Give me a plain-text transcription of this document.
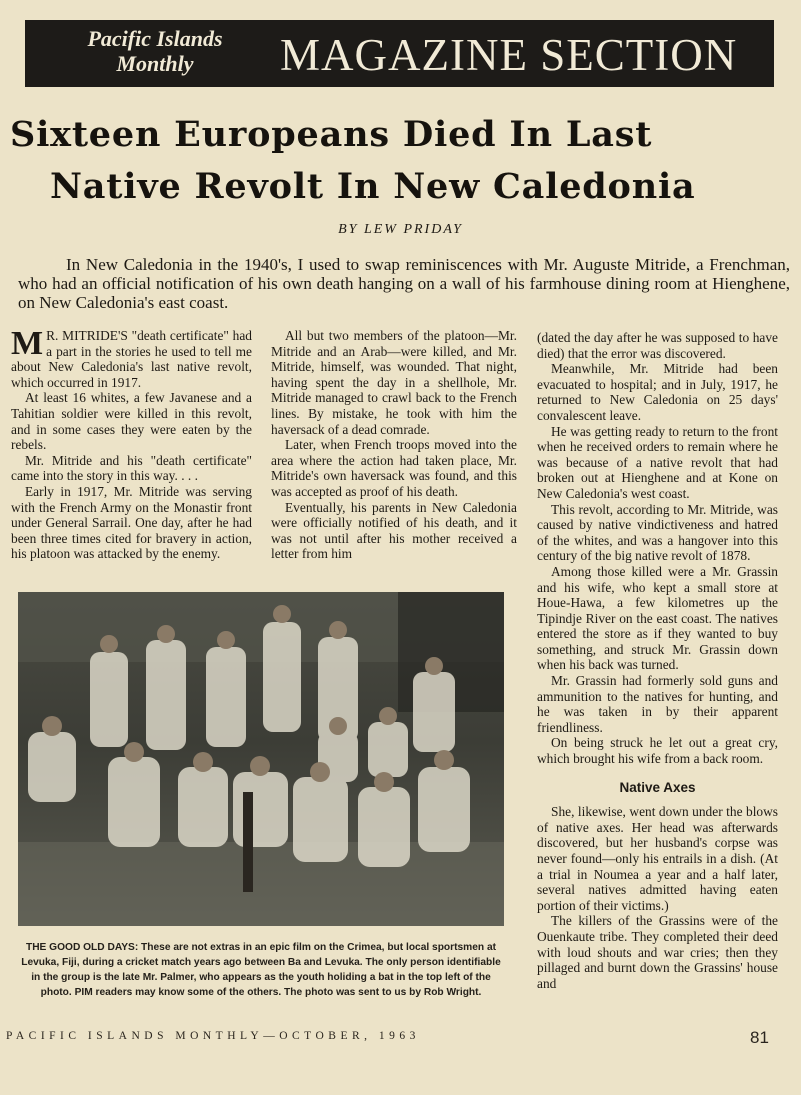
Pacific Islands
Monthly	MAGAZINE SECTION
Sixteen Europeans Died In Last
Native Revolt In New Caledonia
BY LEW PRIDAY
In New Caledonia in the 1940's, I used to swap reminiscences with Mr. Auguste Mitride, a Frenchman, who had an official notification of his own death hanging on a wall of his farmhouse dining room at Hienghene, on New Caledonia's east coast.

M R. MITRIDE'S "death certificate" had a part in the stories he used to tell me about New Caledonia's last native revolt, which occurred in 1917.

At least 16 whites, a few Javanese and a Tahitian soldier were killed in this revolt, and in some cases they were eaten by the rebels.

Mr. Mitride and his "death certificate" came into the story in this way. . . .

Early in 1917, Mr. Mitride was serving with the French Army on the Monastir front under General Sarrail. One day, after he had been three times cited for bravery in action, his platoon was attacked by the enemy.

All but two members of the platoon—Mr. Mitride and an Arab—were killed, and Mr. Mitride, himself, was wounded. That night, having spent the day in a shellhole, Mr. Mitride managed to crawl back to the French lines. By mistake, he took with him the haversack of a dead comrade.

Later, when French troops moved into the area where the action had taken place, Mr. Mitride's own haversack was found, and this was accepted as proof of his death.

Eventually, his parents in New Caledonia were officially notified of his death, and it was not until after his mother received a letter from him

(dated the day after he was supposed to have died) that the error was discovered.

Meanwhile, Mr. Mitride had been evacuated to hospital; and in July, 1917, he returned to New Caledonia on 25 days' convalescent leave.

He was getting ready to return to the front when he received orders to remain where he was because of a native revolt that had broken out at Hienghene and at Kone on New Caledonia's west coast.

This revolt, according to Mr. Mitride, was caused by native vindictiveness and hatred of the whites, and was a hangover into this century of the big native revolt of 1878.

Among those killed were a Mr. Grassin and his wife, who kept a small store at Houe-Hawa, a few kilometres up the Tipindje River on the east coast. The natives entered the store as if they wanted to buy something, and struck Mr. Grassin down when his back was turned.

Mr. Grassin had formerly sold guns and ammunition to the natives for hunting, and he was taken in by their apparent friendliness.

On being struck he let out a great cry, which brought his wife from a back room.

Native Axes

She, likewise, went down under the blows of native axes. Her head was afterwards discovered, but her husband's corpse was never found—only his entrails in a dish. (At a trial in Noumea a year and a half later, several natives admitted having eaten portion of their victims.)

The killers of the Grassins were of the Ouenkaute tribe. They completed their deed with loud shouts and war cries; then they pillaged and burnt down the Grassins' house and

THE GOOD OLD DAYS: These are not extras in an epic film on the Crimea, but local sportsmen at Levuka, Fiji, during a cricket match years ago between Ba and Levuka. The only person identifiable in the group is the late Mr. Palmer, who appears as the youth holiding a bat in the top left of the photo. PIM readers may know some of the others. The photo was sent to us by Rob Wright.
PACIFIC ISLANDS MONTHLY—OCTOBER, 1963	81
